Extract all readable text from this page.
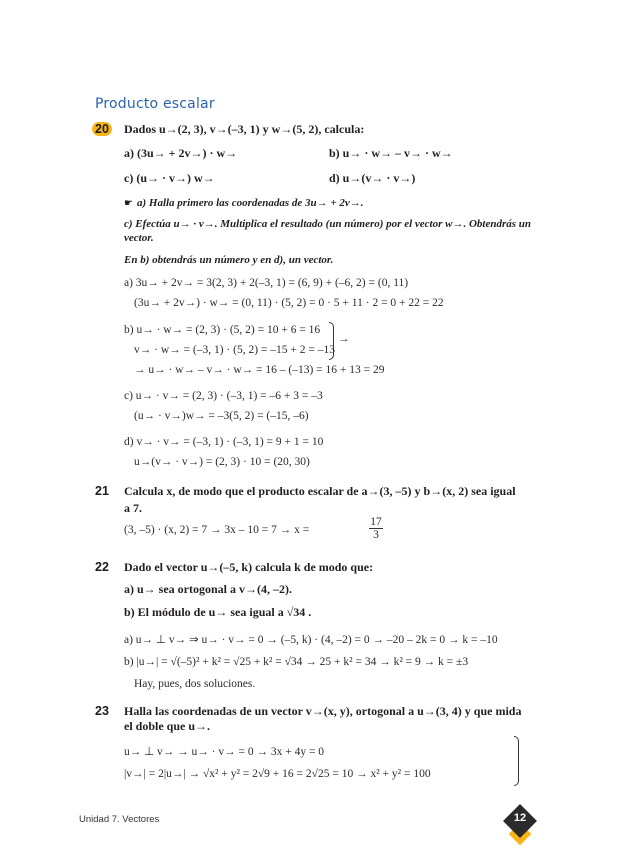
Producto escalar
20 Dados u→(2, 3), v→(–3, 1) y w→(5, 2), calcula:
a) (3u→ + 2v→) · w→	b) u→ · w→ – v→ · w→
c) (u→ · v→) w→	d) u→(v→ · v→)
☛ a) Halla primero las coordenadas de 3u→ + 2v→.
c) Efectúa u→ · v→. Multiplica el resultado (un número) por el vector w→. Obtendrás un vector.
En b) obtendrás un número y en d), un vector.
a) 3u→ + 2v→ = 3(2, 3) + 2(–3, 1) = (6, 9) + (–6, 2) = (0, 11)
(3u→ + 2v→) · w→ = (0, 11) · (5, 2) = 0 · 5 + 11 · 2 = 0 + 22 = 22
b) u→ · w→ = (2, 3) · (5, 2) = 10 + 6 = 16
v→ · w→ = (–3, 1) · (5, 2) = –15 + 2 = –13
→
→ u→ · w→ – v→ · w→ = 16 – (–13) = 16 + 13 = 29
c) u→ · v→ = (2, 3) · (–3, 1) = –6 + 3 = –3
(u→ · v→)w→ = –3(5, 2) = (–15, –6)
d) v→ · v→ = (–3, 1) · (–3, 1) = 9 + 1 = 10
u→(v→ · v→) = (2, 3) · 10 = (20, 30)
21 Calcula x, de modo que el producto escalar de a→(3, –5) y b→(x, 2) sea igual
a 7.
(3, –5) · (x, 2) = 7 → 3x – 10 = 7 → x =	$\frac{17}{3}$
22 Dado el vector u→(–5, k) calcula k de modo que:
a) u→ sea ortogonal a v→(4, –2).
b) El módulo de u→ sea igual a √34 .
a) u→ ⊥ v→ ⇒ u→ · v→ = 0 → (–5, k) · (4, –2) = 0 → –20 – 2k = 0 → k = –10
b) |u→| = √(–5)² + k² = √25 + k² = √34 → 25 + k² = 34 → k² = 9 → k = ±3
Hay, pues, dos soluciones.
23 Halla las coordenadas de un vector v→(x, y), ortogonal a u→(3, 4) y que mida
el doble que u→.
u→ ⊥ v→ → u→ · v→ = 0 → 3x + 4y = 0
|v→| = 2|u→| → √x² + y² = 2√9 + 16 = 2√25 = 10 → x² + y² = 100
Unidad 7. Vectores	12
